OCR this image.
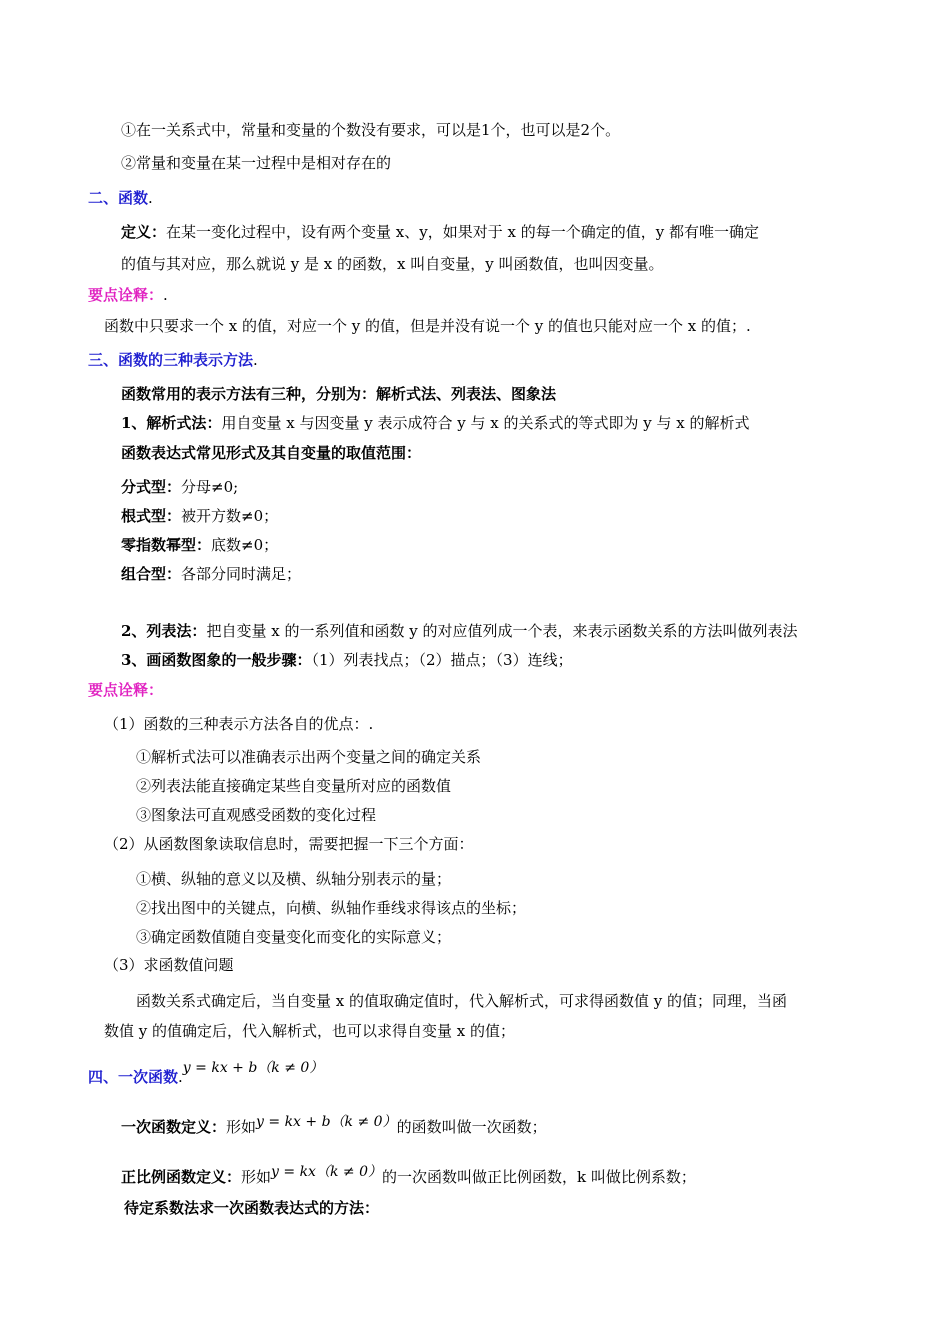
①在一关系式中，常量和变量的个数没有要求，可以是1个，也可以是2个。
②常量和变量在某一过程中是相对存在的
二、函数.
定义：在某一变化过程中，设有两个变量 x、y，如果对于 x 的每一个确定的值，y 都有唯一确定
的值与其对应，那么就说 y 是 x 的函数，x 叫自变量，y 叫函数值，也叫因变量。
要点诠释：.
函数中只要求一个 x 的值，对应一个 y 的值，但是并没有说一个 y 的值也只能对应一个 x 的值；.
三、函数的三种表示方法.
函数常用的表示方法有三种，分别为：解析式法、列表法、图象法
1、解析式法：用自变量 x 与因变量 y 表示成符合 y 与 x 的关系式的等式即为 y 与 x 的解析式
函数表达式常见形式及其自变量的取值范围：
分式型：分母≠0;
根式型：被开方数≠0；
零指数幂型：底数≠0；
组合型：各部分同时满足；
2、列表法：把自变量 x 的一系列值和函数 y 的对应值列成一个表，来表示函数关系的方法叫做列表法
3、画函数图象的一般步骤：（1）列表找点；（2）描点；（3）连线；
要点诠释：
（1）函数的三种表示方法各自的优点：.
①解析式法可以准确表示出两个变量之间的确定关系
②列表法能直接确定某些自变量所对应的函数值
③图象法可直观感受函数的变化过程
（2）从函数图象读取信息时，需要把握一下三个方面：
①横、纵轴的意义以及横、纵轴分别表示的量；
②找出图中的关键点，向横、纵轴作垂线求得该点的坐标；
③确定函数值随自变量变化而变化的实际意义；
（3）求函数值问题
函数关系式确定后，当自变量 x 的值取确定值时，代入解析式，可求得函数值 y 的值；同理，当函
数值 y 的值确定后，代入解析式，也可以求得自变量 x 的值；
四、一次函数.y = kx + b（k ≠ 0）
一次函数定义：形如y = kx + b（k ≠ 0）的函数叫做一次函数；
正比例函数定义：形如y = kx（k ≠ 0）的一次函数叫做正比例函数，k 叫做比例系数；
待定系数法求一次函数表达式的方法：
